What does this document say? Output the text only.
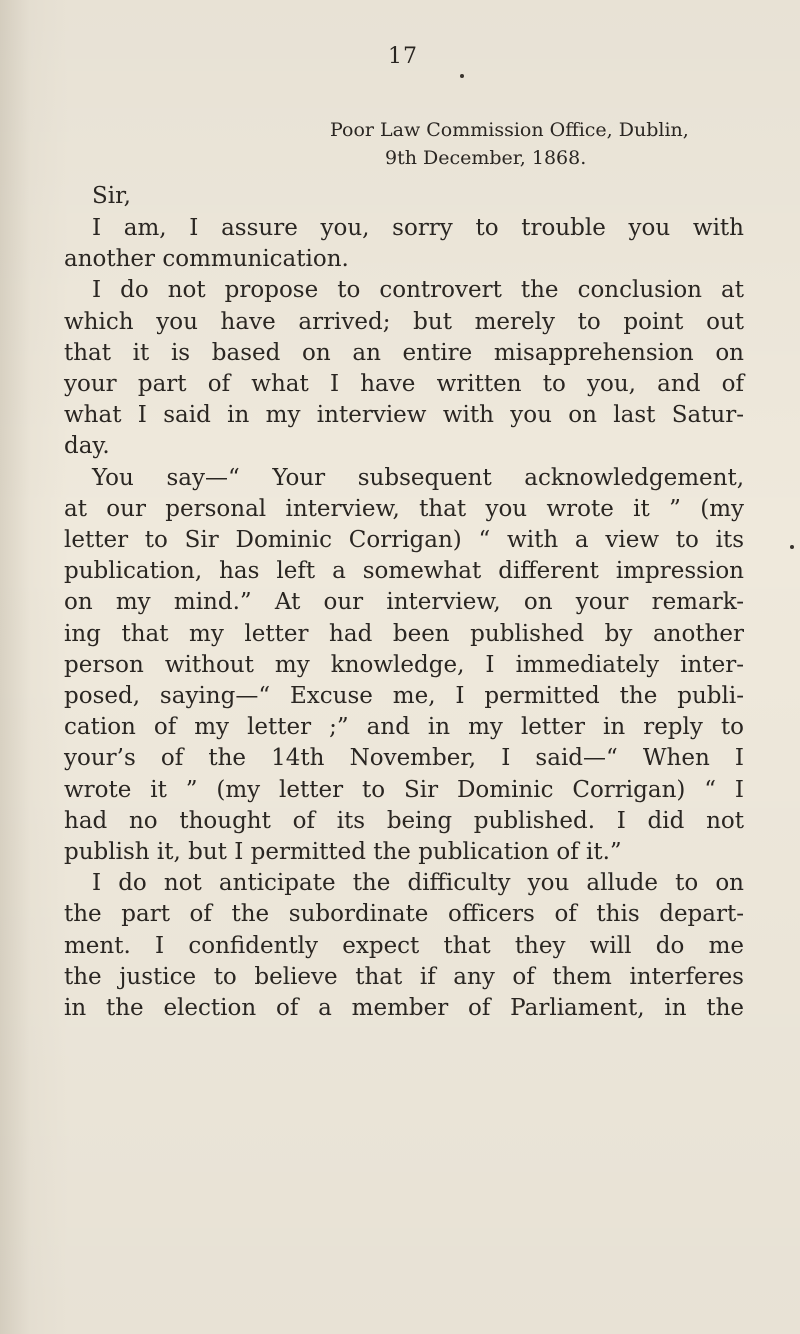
17
Poor Law Commission Office, Dublin,
9th December, 1868.
Sir,
I am, I assure you, sorry to trouble you with
another communication.
I do not propose to controvert the conclusion at
which you have arrived; but merely to point out
that it is based on an entire misapprehension on
your part of what I have written to you, and of
what I said in my interview with you on last Satur-
day.
You say—“ Your subsequent acknowledgement,
at our personal interview, that you wrote it ” (my
letter to Sir Dominic Corrigan) “ with a view to its
publication, has left a somewhat different impression
on my mind.” At our interview, on your remark-
ing that my letter had been published by another
person without my knowledge, I immediately inter-
posed, saying—“ Excuse me, I permitted the publi-
cation of my letter ;” and in my letter in reply to
your’s of the 14th November, I said—“ When I
wrote it ” (my letter to Sir Dominic Corrigan) “ I
had no thought of its being published. I did not
publish it, but I permitted the publication of it.”
I do not anticipate the difficulty you allude to on
the part of the subordinate officers of this depart-
ment. I confidently expect that they will do me
the justice to believe that if any of them interferes
in the election of a member of Parliament, in the
